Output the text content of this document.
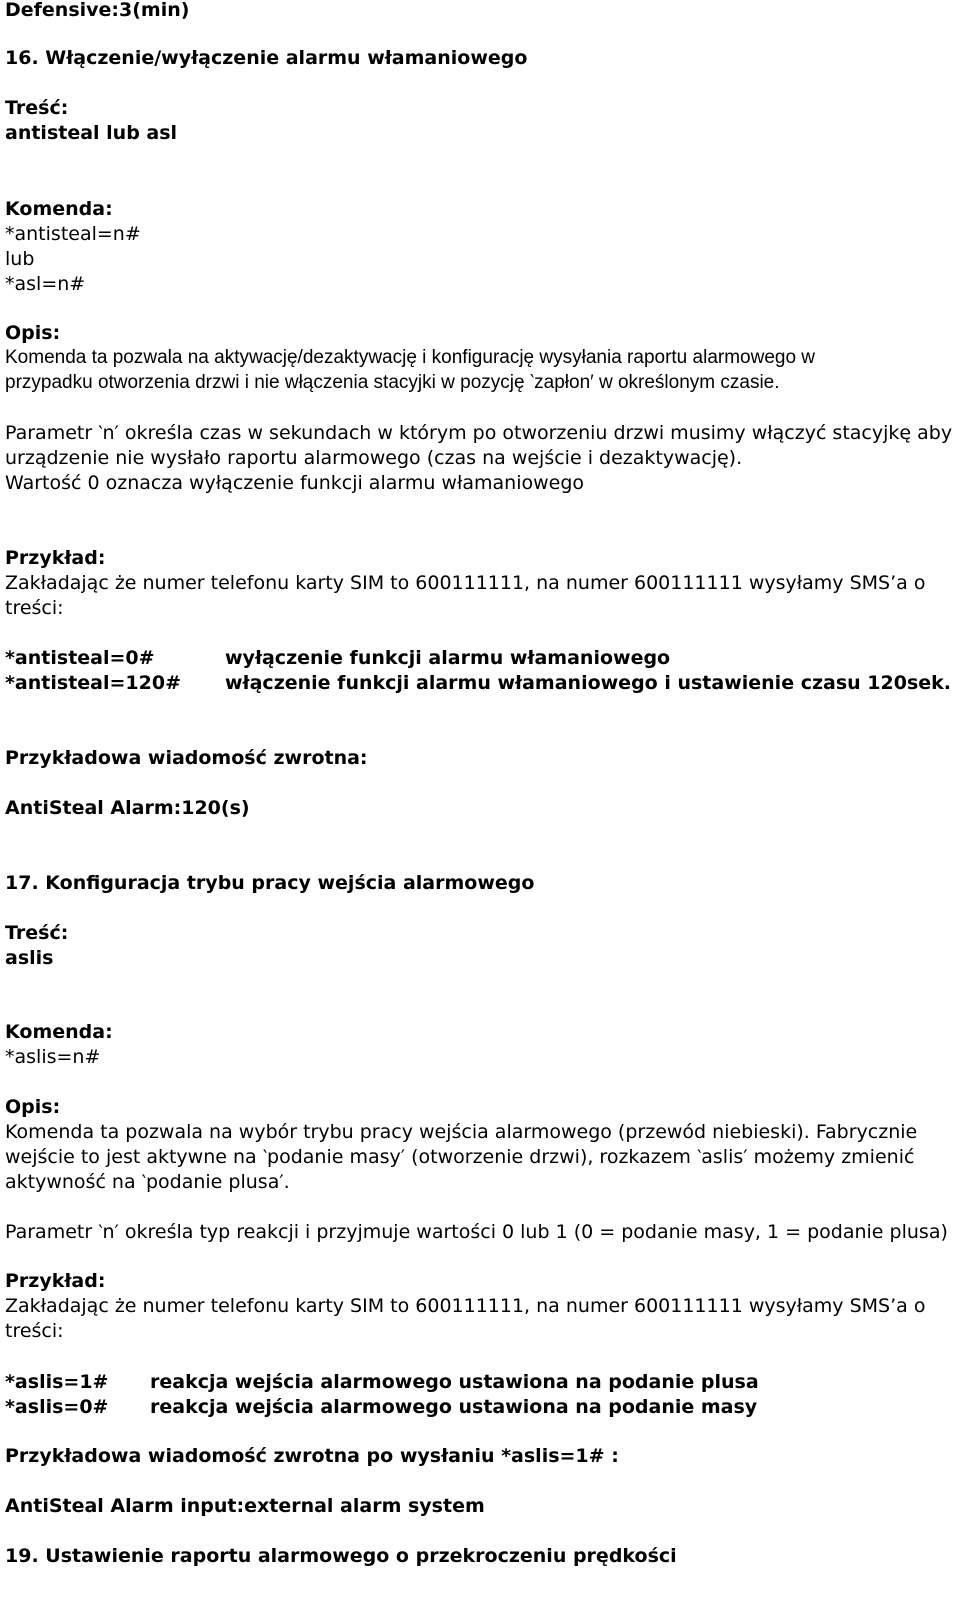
Defensive:3(min)
16. Włączenie/wyłączenie alarmu włamaniowego
Treść:
antisteal lub asl
Komenda:
*antisteal=n#
lub
*asl=n#
Opis:
Komenda ta pozwala na aktywację/dezaktywację i konfigurację wysyłania raportu alarmowego w
przypadku otworzenia drzwi i nie włączenia stacyjki w pozycję ‵zapłon′ w określonym czasie.
Parametr ‵n′ określa czas w sekundach w którym po otworzeniu drzwi musimy włączyć stacyjkę aby
urządzenie nie wysłało raportu alarmowego (czas na wejście i dezaktywację).
Wartość 0 oznacza wyłączenie funkcji alarmu włamaniowego
Przykład:
Zakładając że numer telefonu karty SIM to 600111111, na numer 600111111 wysyłamy SMS’a o
treści:
*antisteal=0#	wyłączenie funkcji alarmu włamaniowego
*antisteal=120# włączenie funkcji alarmu włamaniowego i ustawienie czasu 120sek.
Przykładowa wiadomość zwrotna:
AntiSteal Alarm:120(s)
17. Konfiguracja trybu pracy wejścia alarmowego
Treść:
aslis
Komenda:
*aslis=n#
Opis:
Komenda ta pozwala na wybór trybu pracy wejścia alarmowego (przewód niebieski). Fabrycznie
wejście to jest aktywne na ‵podanie masy′ (otworzenie drzwi), rozkazem ‵aslis′ możemy zmienić
aktywność na ‵podanie plusa′.
Parametr ‵n′ określa typ reakcji i przyjmuje wartości 0 lub 1 (0 = podanie masy, 1 = podanie plusa)
Przykład:
Zakładając że numer telefonu karty SIM to 600111111, na numer 600111111 wysyłamy SMS’a o
treści:
*aslis=1# reakcja wejścia alarmowego ustawiona na podanie plusa
*aslis=0# reakcja wejścia alarmowego ustawiona na podanie masy
Przykładowa wiadomość zwrotna po wysłaniu *aslis=1# :
AntiSteal Alarm input:external alarm system
19. Ustawienie raportu alarmowego o przekroczeniu prędkości
